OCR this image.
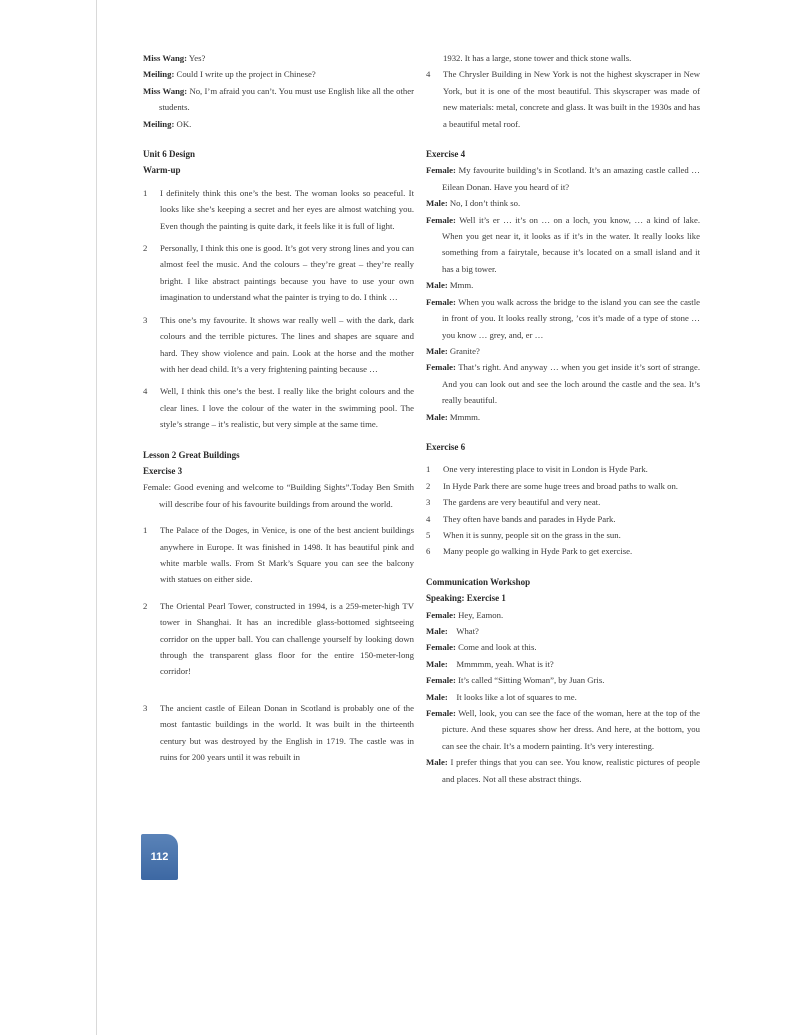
Miss Wang: Yes?

Meiling: Could I write up the project in Chinese?

Miss Wang: No, I’m afraid you can’t. You must use English like all the other students.

Meiling: OK.

Unit 6 Design

Warm-up

1	I definitely think this one’s the best. The woman looks so peaceful. It looks like she’s keeping a secret and her eyes are almost watching you. Even though the painting is quite dark, it feels like it is full of light.

2	Personally, I think this one is good. It’s got very strong lines and you can almost feel the music. And the colours – they’re great – they’re really bright. I like abstract paintings because you have to use your own imagination to understand what the painter is trying to do. I think …

3	This one’s my favourite. It shows war really well – with the dark, dark colours and the terrible pictures. The lines and shapes are square and hard. They show violence and pain. Look at the horse and the mother with her dead child. It’s a very frightening painting because …

4	Well, I think this one’s the best. I really like the bright colours and the clear lines. I love the colour of the water in the swimming pool. The style’s strange – it’s realistic, but very simple at the same time.

Lesson 2 Great Buildings

Exercise 3

Female: Good evening and welcome to “Building Sights”.Today Ben Smith will describe four of his favourite buildings from around the world.

1	The Palace of the Doges, in Venice, is one of the best ancient buildings anywhere in Europe. It was finished in 1498. It has beautiful pink and white marble walls. From St Mark’s Square you can see the balcony with statues on either side.

2	The Oriental Pearl Tower, constructed in 1994, is a 259-meter-high TV tower in Shanghai. It has an incredible glass-bottomed sightseeing corridor on the upper ball. You can challenge yourself by looking down through the transparent glass floor for the entire 150-meter-long corridor!

3	The ancient castle of Eilean Donan in Scotland is probably one of the most fantastic buildings in the world. It was built in the thirteenth century but was destroyed by the English in 1719. The castle was in ruins for 200 years until it was rebuilt in

1932. It has a large, stone tower and thick stone walls.

4	The Chrysler Building in New York is not the highest skyscraper in New York, but it is one of the most beautiful. This skyscraper was made of new materials: metal, concrete and glass. It was built in the 1930s and has a beautiful metal roof.

Exercise 4

Female: My favourite building’s in Scotland. It’s an amazing castle called … Eilean Donan. Have you heard of it?

Male: No, I don’t think so.

Female: Well it’s er … it’s on … on a loch, you know, … a kind of lake. When you get near it, it looks as if it’s in the water. It really looks like something from a fairytale, because it’s located on a small island and it has a big tower.

Male: Mmm.

Female: When you walk across the bridge to the island you can see the castle in front of you. It looks really strong, ’cos it’s made of a type of stone … you know … grey, and, er …

Male: Granite?

Female: That’s right. And anyway … when you get inside it’s sort of strange. And you can look out and see the loch around the castle and the sea. It’s really beautiful.

Male: Mmmm.

Exercise 6

1	One very interesting place to visit in London is Hyde Park.

2	In Hyde Park there are some huge trees and broad paths to walk on.

3	The gardens are very beautiful and very neat.

4	They often have bands and parades in Hyde Park.

5	When it is sunny, people sit on the grass in the sun.

6	Many people go walking in Hyde Park to get exercise.

Communication Workshop

Speaking: Exercise 1

Female: Hey, Eamon.

Male:    What?

Female: Come and look at this.

Male:    Mmmmm, yeah. What is it?

Female: It’s called “Sitting Woman”, by Juan Gris.

Male:    It looks like a lot of squares to me.

Female: Well, look, you can see the face of the woman, here at the top of the picture. And these squares show her dress. And here, at the bottom, you can see the chair. It’s a modern painting. It’s very interesting.

Male: I prefer things that you can see. You know, realistic pictures of people and places. Not all these abstract things.

112
